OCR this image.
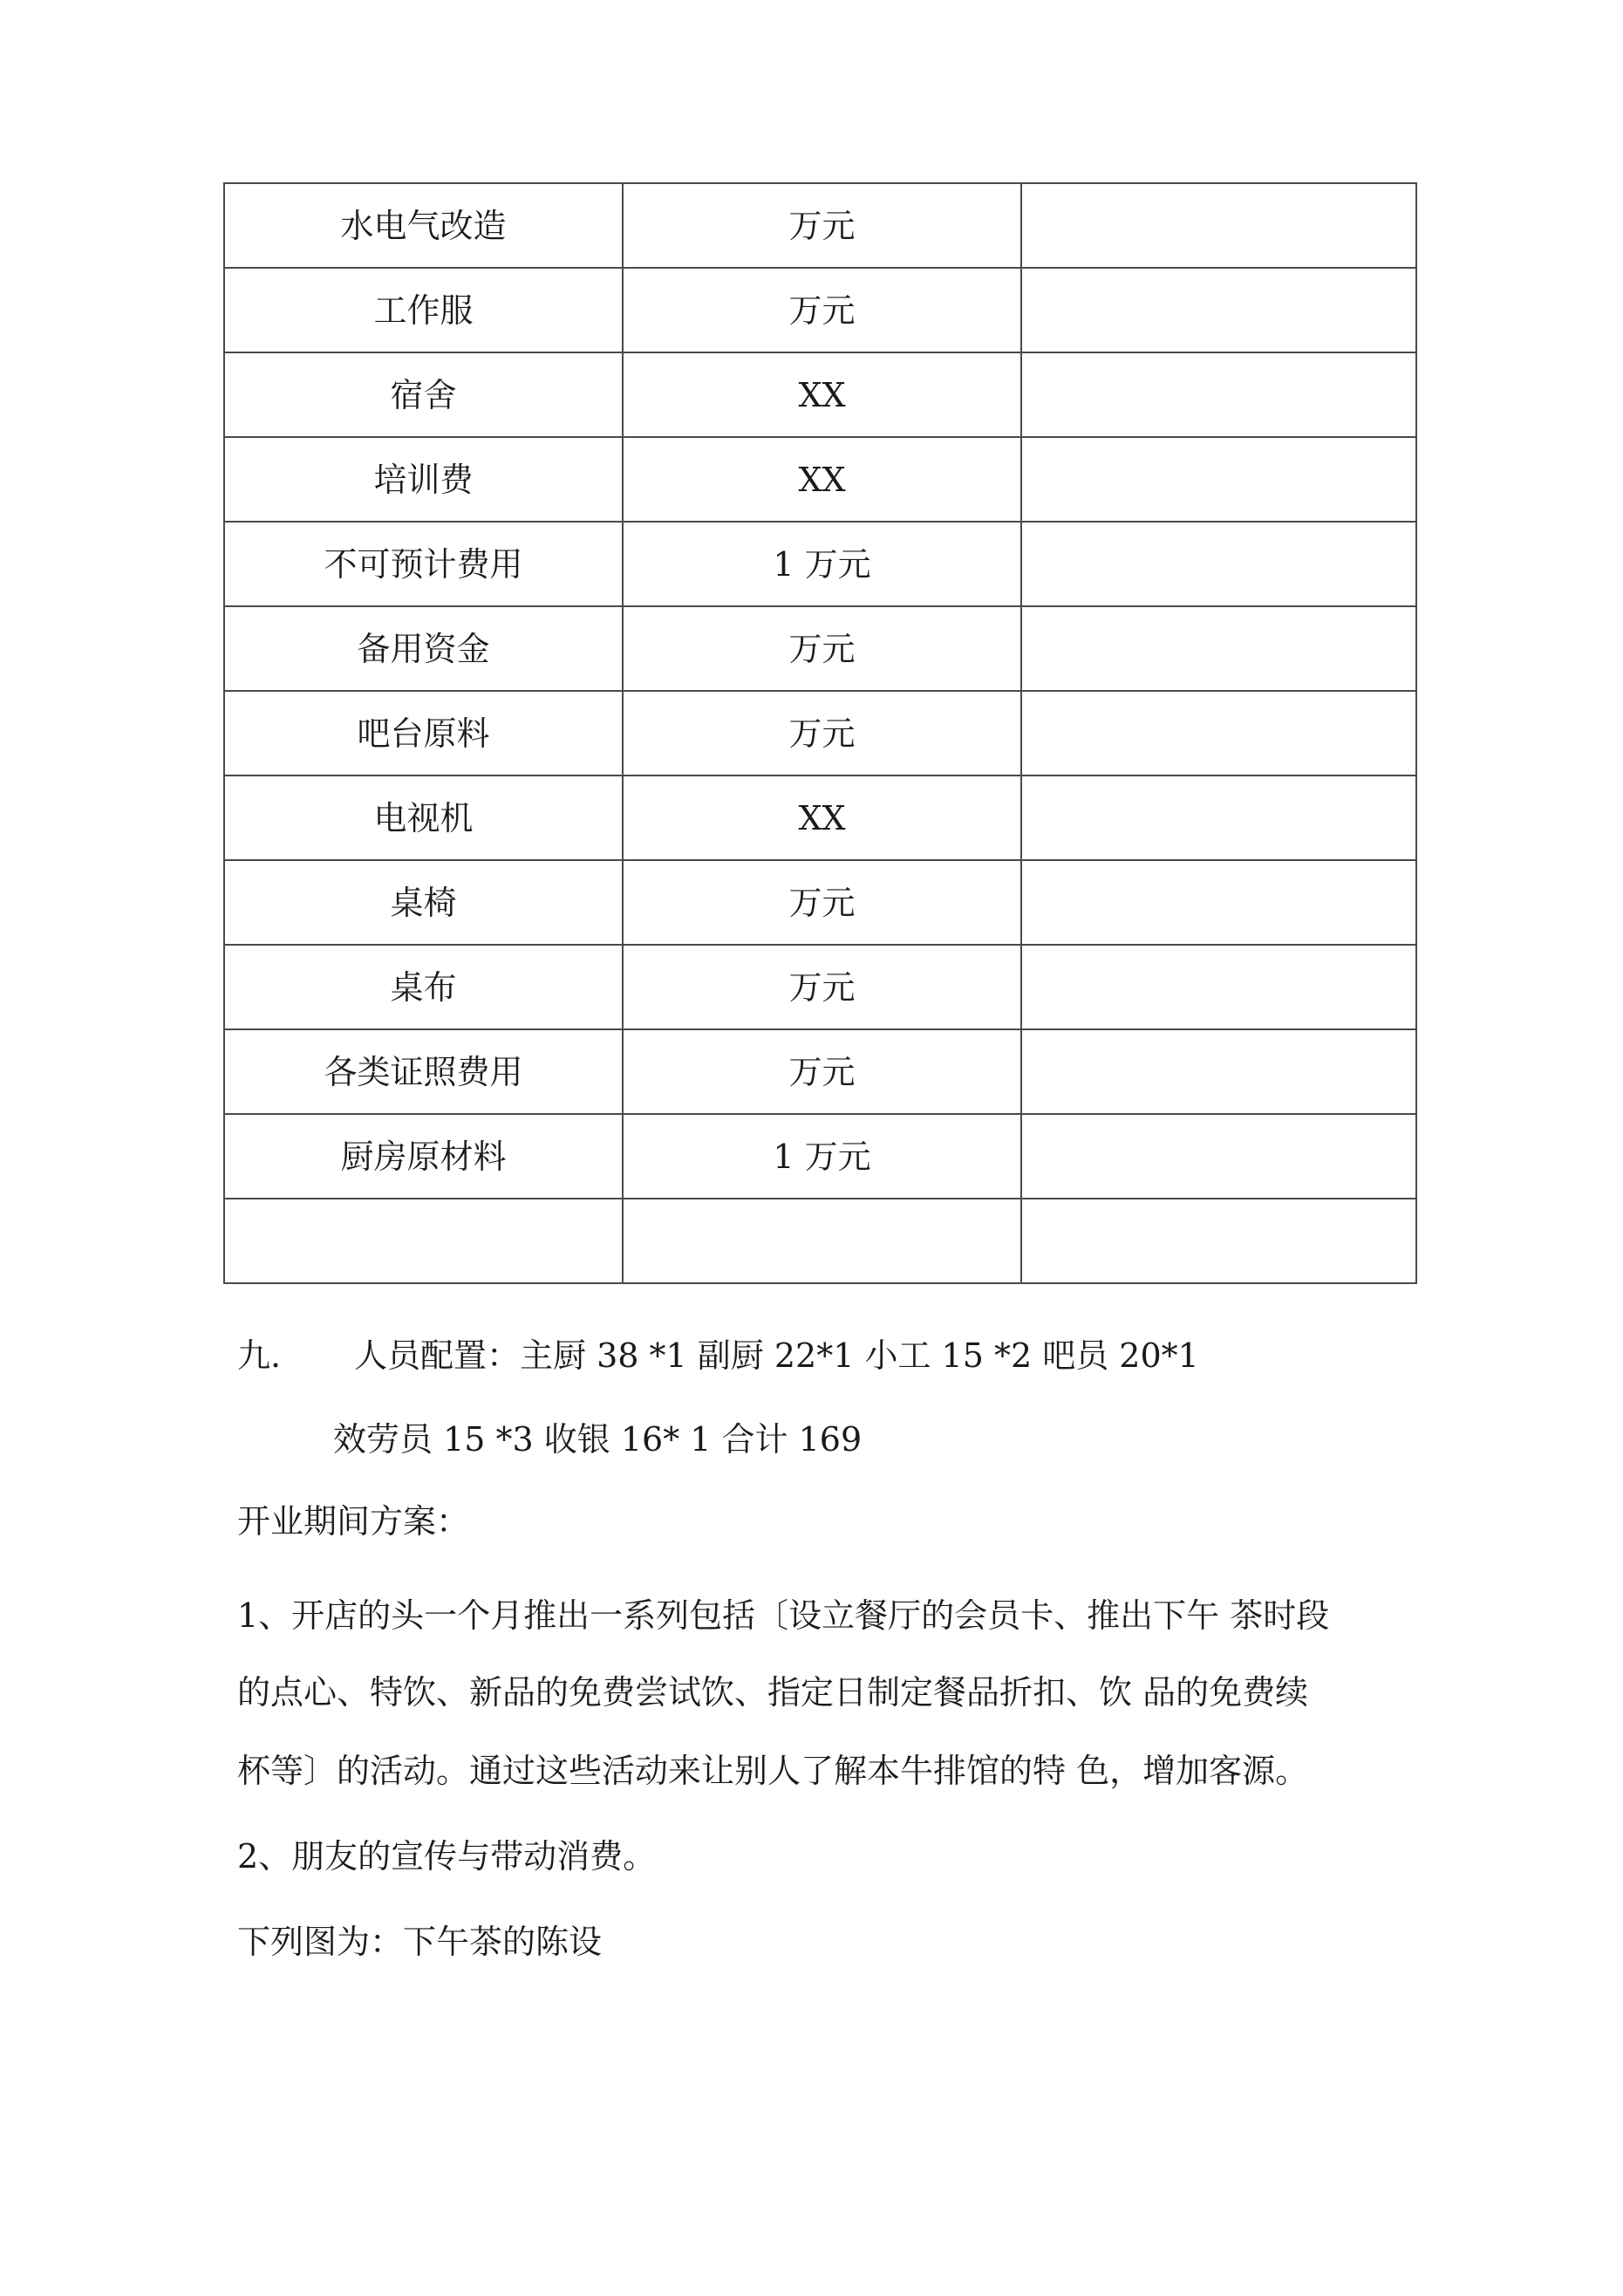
水电气改造	万元	
工作服	万元	
宿舍	XX	
培训费	XX	
不可预计费用	1 万元	
备用资金	万元	
吧台原料	万元	
电视机	XX	
桌椅	万元	
桌布	万元	
各类证照费用	万元	
厨房原材料	1 万元	

九. 人员配置：主厨 38 *1 副厨 22*1 小工 15 *2 吧员 20*1
效劳员 15 *3 收银 16* 1 合计 169
开业期间方案：
1、开店的头一个月推出一系列包括〔设立餐厅的会员卡、推出下午 茶时段
的点心、特饮、新品的免费尝试饮、指定日制定餐品折扣、饮 品的免费续
杯等〕的活动。通过这些活动来让别人了解本牛排馆的特 色，增加客源。
2、朋友的宣传与带动消费。
下列图为：下午茶的陈设
